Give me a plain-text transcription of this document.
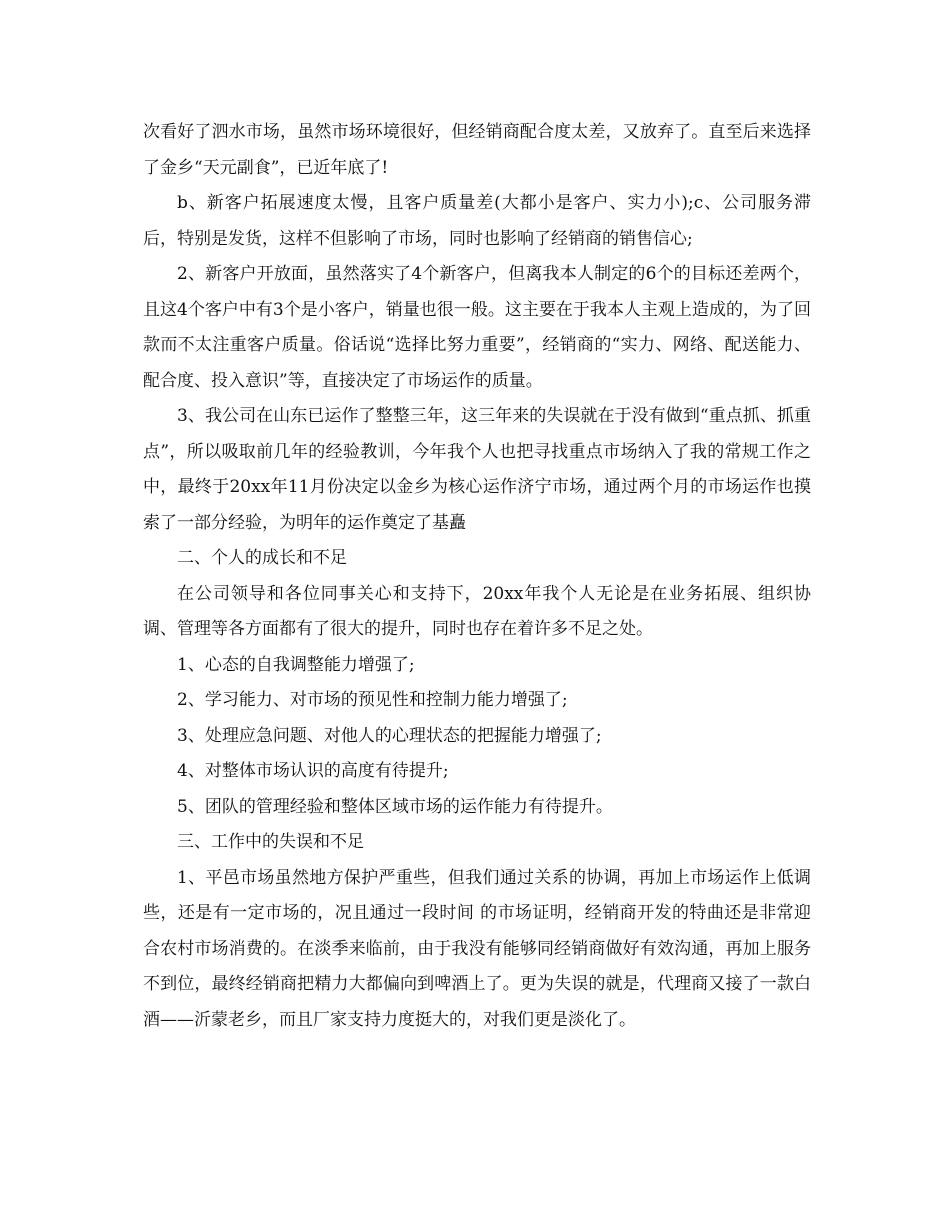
次看好了泗水市场，虽然市场环境很好，但经销商配合度太差，又放弃了。直至后来选择了金乡“天元副食”，已近年底了!

b、新客户拓展速度太慢，且客户质量差(大都小是客户、实力小);c、公司服务滞后，特别是发货，这样不但影响了市场，同时也影响了经销商的销售信心;

2、新客户开放面，虽然落实了4个新客户，但离我本人制定的6个的目标还差两个，且这4个客户中有3个是小客户，销量也很一般。这主要在于我本人主观上造成的，为了回款而不太注重客户质量。俗话说“选择比努力重要”，经销商的“实力、网络、配送能力、配合度、投入意识”等，直接决定了市场运作的质量。

3、我公司在山东已运作了整整三年，这三年来的失误就在于没有做到“重点抓、抓重点”，所以吸取前几年的经验教训，今年我个人也把寻找重点市场纳入了我的常规工作之中，最终于20xx年11月份决定以金乡为核心运作济宁市场，通过两个月的市场运作也摸索了一部分经验，为明年的运作奠定了基矗

二、个人的成长和不足

在公司领导和各位同事关心和支持下，20xx年我个人无论是在业务拓展、组织协调、管理等各方面都有了很大的提升，同时也存在着许多不足之处。

1、心态的自我调整能力增强了;

2、学习能力、对市场的预见性和控制力能力增强了;

3、处理应急问题、对他人的心理状态的把握能力增强了;

4、对整体市场认识的高度有待提升;

5、团队的管理经验和整体区域市场的运作能力有待提升。

三、工作中的失误和不足

1、平邑市场虽然地方保护严重些，但我们通过关系的协调，再加上市场运作上低调些，还是有一定市场的，况且通过一段时间 的市场证明，经销商开发的特曲还是非常迎合农村市场消费的。在淡季来临前，由于我没有能够同经销商做好有效沟通，再加上服务不到位，最终经销商把精力大都偏向到啤酒上了。更为失误的就是，代理商又接了一款白酒——沂蒙老乡，而且厂家支持力度挺大的，对我们更是淡化了。
